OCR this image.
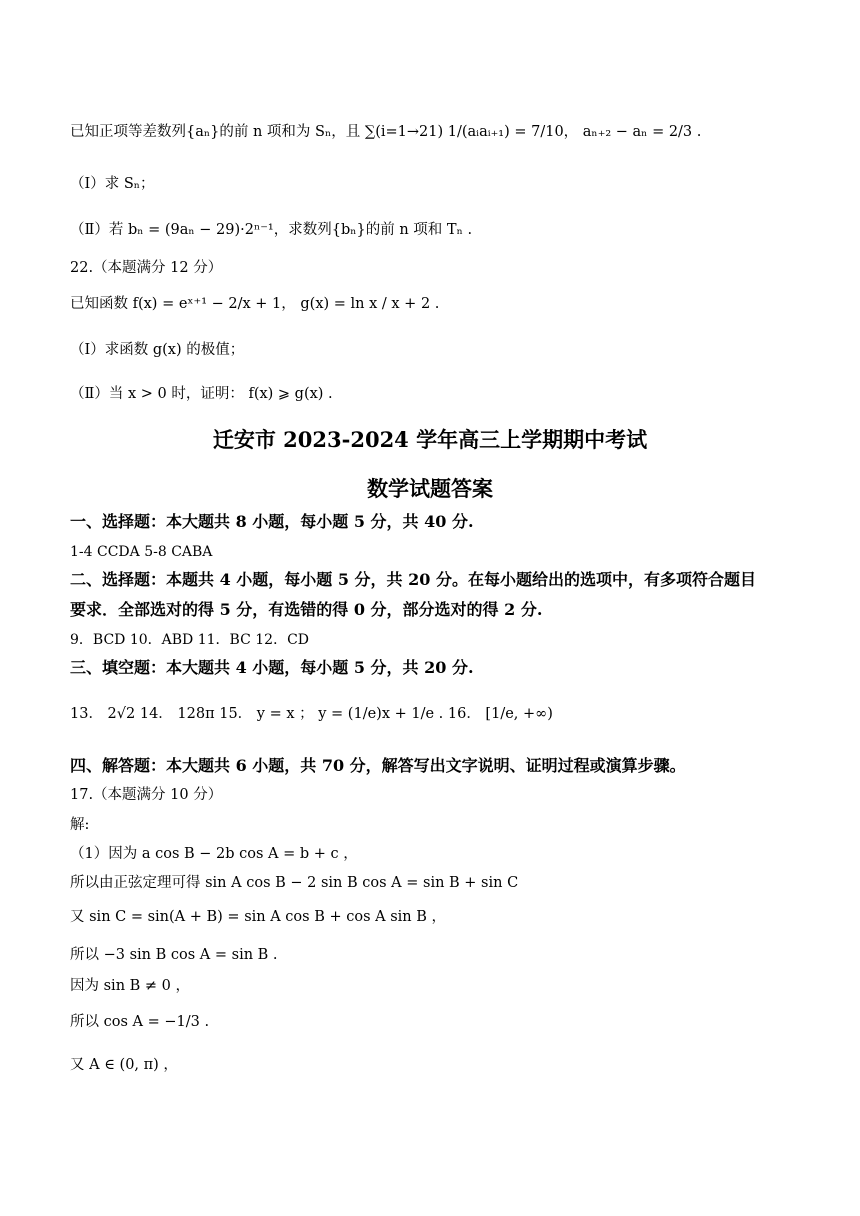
已知正项等差数列{aₙ}的前 n 项和为 Sₙ，且 ∑(i=1→21) 1/(aᵢaᵢ₊₁) = 7/10， aₙ₊₂ − aₙ = 2/3 .
（Ⅰ）求 Sₙ；
（Ⅱ）若 bₙ = (9aₙ − 29)·2ⁿ⁻¹，求数列{bₙ}的前 n 项和 Tₙ .
22.（本题满分 12 分）
已知函数 f(x) = eˣ⁺¹ − 2/x + 1， g(x) = ln x / x + 2 .
（Ⅰ）求函数 g(x) 的极值；
（Ⅱ）当 x > 0 时，证明： f(x) ⩾ g(x) .
迁安市 2023-2024 学年高三上学期期中考试
数学试题答案
一、选择题：本大题共 8 小题，每小题 5 分，共 40 分.
1-4 CCDA 5-8 CABA
二、选择题：本题共 4 小题，每小题 5 分，共 20 分。在每小题给出的选项中，有多项符合题目
要求．全部选对的得 5 分，有选错的得 0 分，部分选对的得 2 分.
9．BCD 10．ABD 11．BC 12．CD
三、填空题：本大题共 4 小题，每小题 5 分，共 20 分.
13． 2√2 14． 128π 15． y = x ； y = (1/e)x + 1/e . 16． [1/e, +∞)
四、解答题：本大题共 6 小题，共 70 分，解答写出文字说明、证明过程或演算步骤。
17.（本题满分 10 分）
解:
（1）因为 a cos B − 2b cos A = b + c ，
所以由正弦定理可得 sin A cos B − 2 sin B cos A = sin B + sin C
又 sin C = sin(A + B) = sin A cos B + cos A sin B ，
所以 −3 sin B cos A = sin B .
因为 sin B ≠ 0 ，
所以 cos A = −1/3 .
又 A ∈ (0, π) ，
